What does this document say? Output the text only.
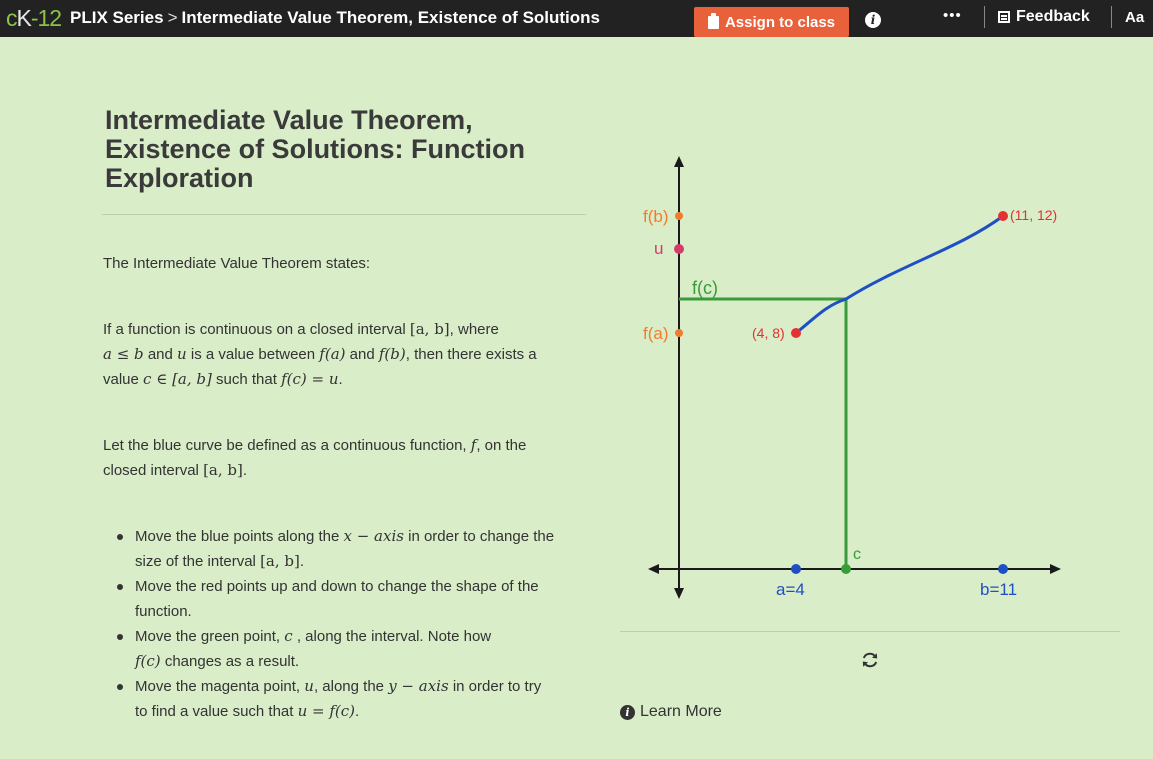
cK-12 PLIX Series > Intermediate Value Theorem, Existence of Solutions	Assign to class	i	•••	Feedback Aa
Intermediate Value Theorem, Existence of Solutions: Function Exploration
The Intermediate Value Theorem states:
If a function is continuous on a closed interval [a, b], where
a ≤ b and u is a value between f(a) and f(b), then there exists a
value c ∈ [a, b] such that f(c) = u.
Let the blue curve be defined as a continuous function, f, on the
closed interval [a, b].
Move the blue points along the x − axis in order to change the
size of the interval [a, b].
Move the red points up and down to change the shape of the
function.
Move the green point, c , along the interval. Note how
f(c) changes as a result.
Move the magenta point, u, along the y − axis in order to try
to find a value such that u = f(c).
f(b)
u
f(c)
f(a)	(4, 8)
(11, 12)
c
a=4	b=11
i Learn More
